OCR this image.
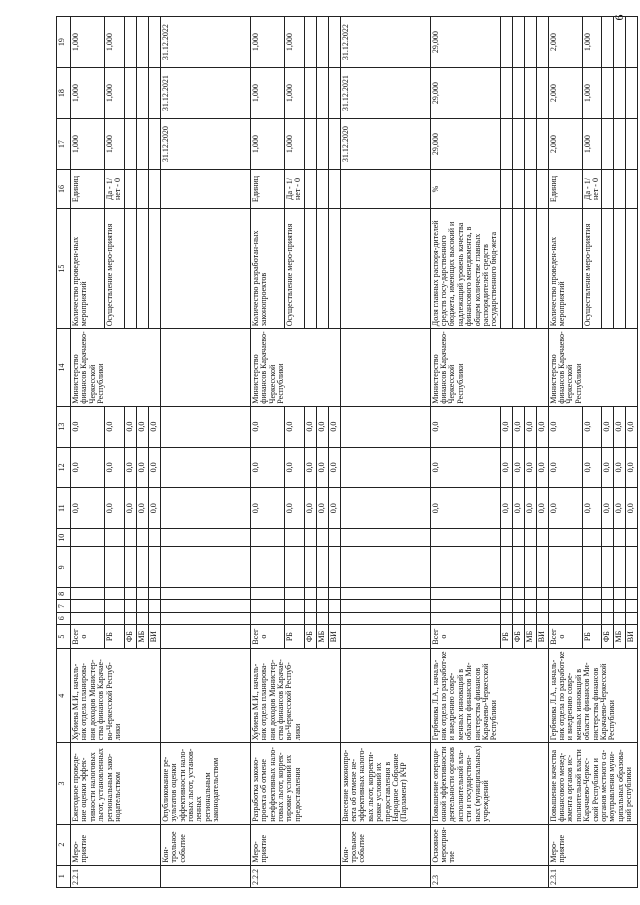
9
1	2	3	4	5	6	7	8	9	10	11	12	13	14	15	16	17	18	19
2.2.1	Меро-приятие	Ежегодное проведе-ние оценки эффек-тивности налоговых льгот, установленных региональным зако-нодательством	Хубиева М.И., началь-ник отдела планирова-ния доходов Министер-ства финансов Карачае-во-Черкесской Респуб-лики	Всего						0,0	0,0	0,0	Министерство финансов Карачаево-Черкесской Республики	Количество проведен-ных мероприятий	Единиц	1,000	1,000	1,000
				РБ						0,0	0,0	0,0		Осуществление меро-приятия	Да - 1/ нет - 0	1,000	1,000	1,000
				ФБ						0,0	0,0	0,0						
				МБ						0,0	0,0	0,0						
				ВИ						0,0	0,0	0,0						
	Кон-трольное событие	Опубликование ре-зультатов оценки эффективности нало-говых льгот, установ-ленных региональным законодательством														31.12.2020	31.12.2021	31.12.2022
2.2.2	Меро-приятие	Разработка законо-проекта об отмене неэффективных нало-говых льгот, коррек-тировке условий их предоставления	Хубиева М.И., началь-ник отдела планирова-ния доходов Министер-ства финансов Карачае-во-Черкесской Респуб-лики	Всего						0,0	0,0	0,0	Министерство финансов Карачаево-Черкесской Республики	Количество разработан-ных законопроектов	Единиц	1,000	1,000	1,000
				РБ						0,0	0,0	0,0		Осуществление меро-приятия	Да - 1/ нет - 0	1,000	1,000	1,000
				ФБ						0,0	0,0	0,0						
				МБ						0,0	0,0	0,0						
				ВИ						0,0	0,0	0,0						
	Кон-трольное событие	Внесение законопро-екта об отмене не-эффективных налого-вых льгот, корректи-ровке условий их предоставления в Народное Собрание (Парламент) КЧР														31.12.2020	31.12.2021	31.12.2022
2.3	Основное мероприя-тие	Повышение операци-онной эффективности деятельности органов исполнительной вла-сти и государствен-ных (муниципальных) учреждений	Гербекова Л.А., началь-ник отдела по разработ-ке и внедрению совре-менных инноваций в области финансов Ми-нистерства финансов Карачаево-Черкесской Республики	Всего						0,0	0,0	0,0	Министерство финансов Карачаево-Черкесской Республики	Доля главных распоря-дителей средств госу-дарственного бюджета, имеющих высокий и надлежащий уровень качества финансового менеджмента, в общем количестве главных распорядителей средств государственного бюд-жета	%	29,000	29,000	29,000
				РБ						0,0	0,0	0,0						
				ФБ						0,0	0,0	0,0						
				МБ						0,0	0,0	0,0						
				ВИ						0,0	0,0	0,0						
2.3.1	Меро-приятие	Повышение качества финансового менед-жмента органов ис-полнительной власти Карачаево-Черкес-ской Республики и органов местного са-моуправления муни-ципальных образова-ний республики	Гербекова Л.А., началь-ник отдела по разработ-ке и внедрению совре-менных инноваций в области финансов Ми-нистерства финансов Карачаево-Черкесской Республики	Всего						0,0	0,0	0,0	Министерство финансов Карачаево-Черкесской Республики	Количество проведен-ных мероприятий	Единиц	2,000	2,000	2,000
				РБ						0,0	0,0	0,0		Осуществление меро-приятия	Да - 1/ нет - 0	1,000	1,000	1,000
				ФБ						0,0	0,0	0,0						
				МБ						0,0	0,0	0,0						
				ВИ						0,0	0,0	0,0						
